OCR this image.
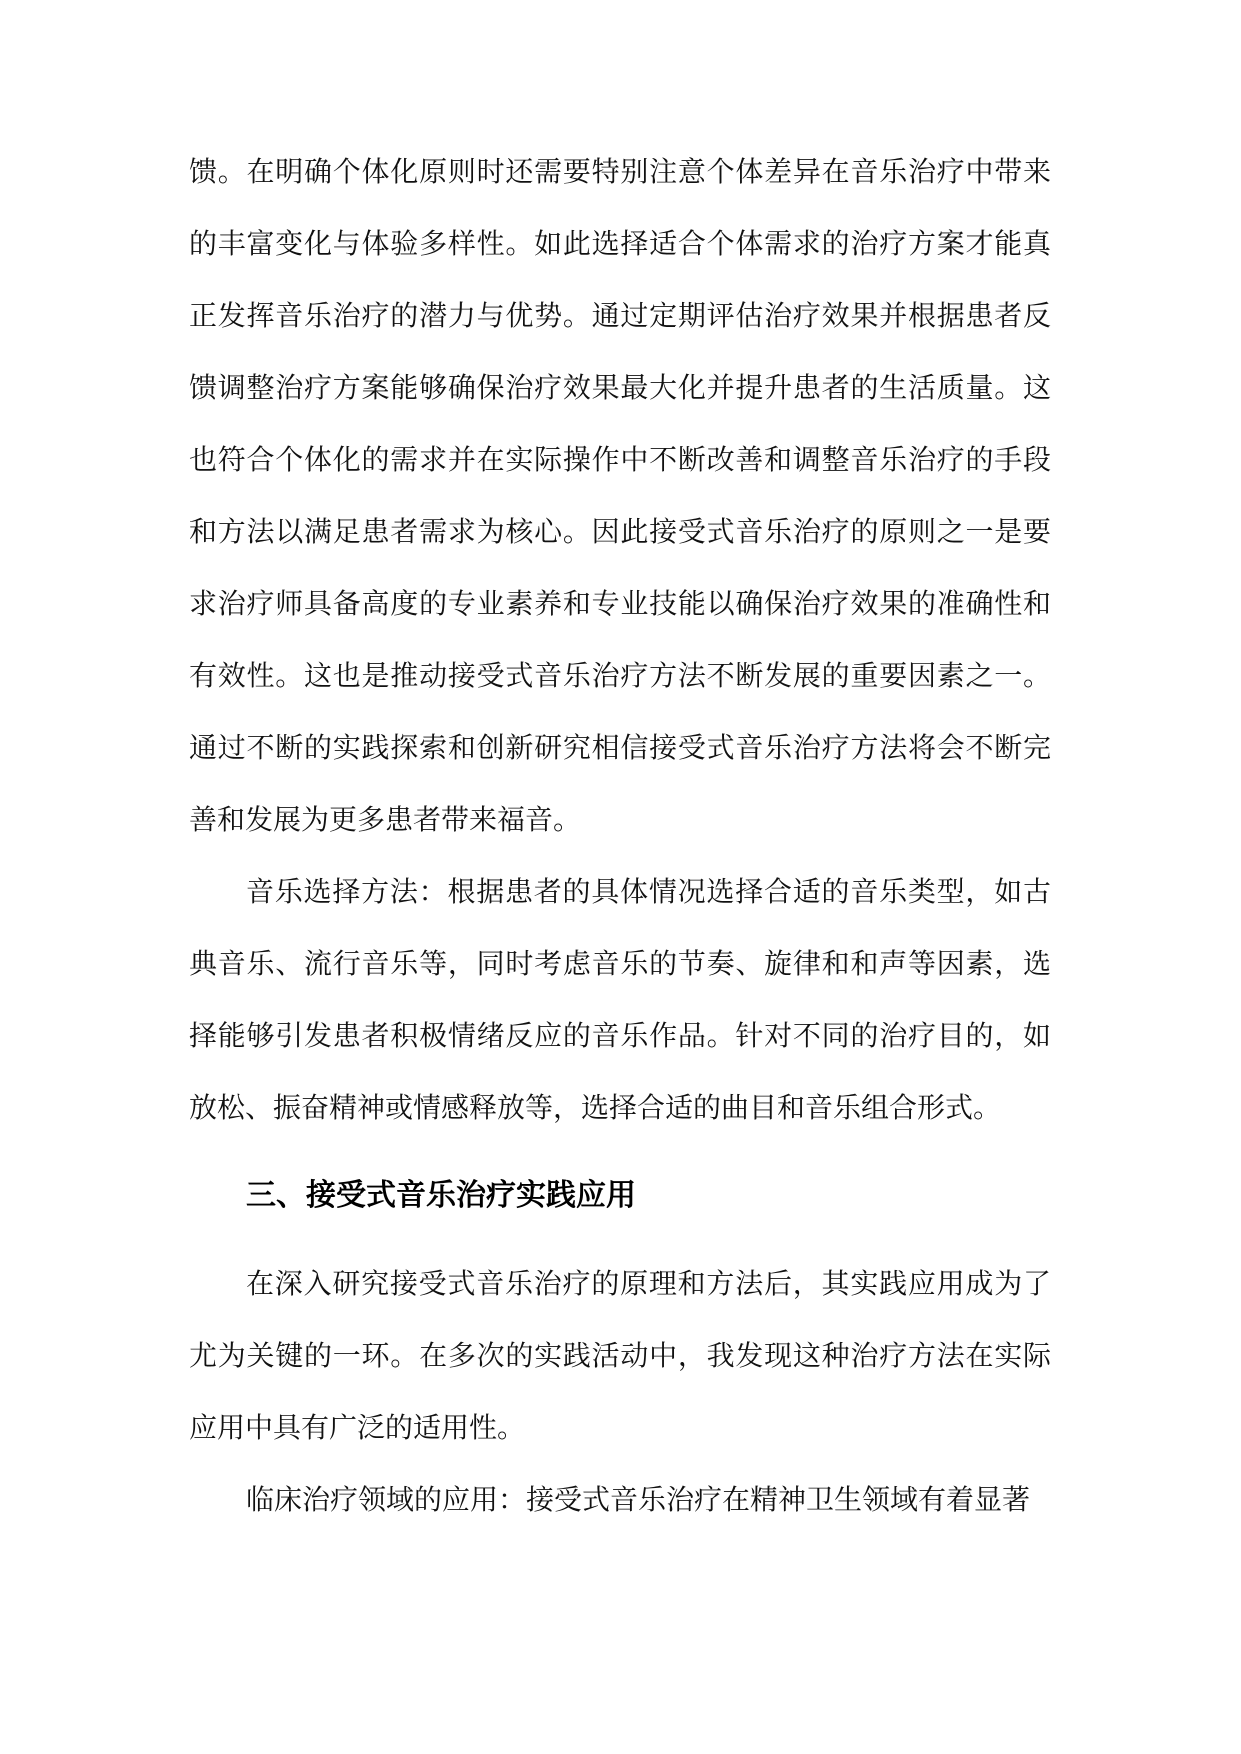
馈。在明确个体化原则时还需要特别注意个体差异在音乐治疗中带来的丰富变化与体验多样性。如此选择适合个体需求的治疗方案才能真正发挥音乐治疗的潜力与优势。通过定期评估治疗效果并根据患者反馈调整治疗方案能够确保治疗效果最大化并提升患者的生活质量。这也符合个体化的需求并在实际操作中不断改善和调整音乐治疗的手段和方法以满足患者需求为核心。因此接受式音乐治疗的原则之一是要求治疗师具备高度的专业素养和专业技能以确保治疗效果的准确性和有效性。这也是推动接受式音乐治疗方法不断发展的重要因素之一。通过不断的实践探索和创新研究相信接受式音乐治疗方法将会不断完善和发展为更多患者带来福音。

音乐选择方法：根据患者的具体情况选择合适的音乐类型，如古典音乐、流行音乐等，同时考虑音乐的节奏、旋律和和声等因素，选择能够引发患者积极情绪反应的音乐作品。针对不同的治疗目的，如放松、振奋精神或情感释放等，选择合适的曲目和音乐组合形式。

三、接受式音乐治疗实践应用

在深入研究接受式音乐治疗的原理和方法后，其实践应用成为了尤为关键的一环。在多次的实践活动中，我发现这种治疗方法在实际应用中具有广泛的适用性。

临床治疗领域的应用：接受式音乐治疗在精神卫生领域有着显著
